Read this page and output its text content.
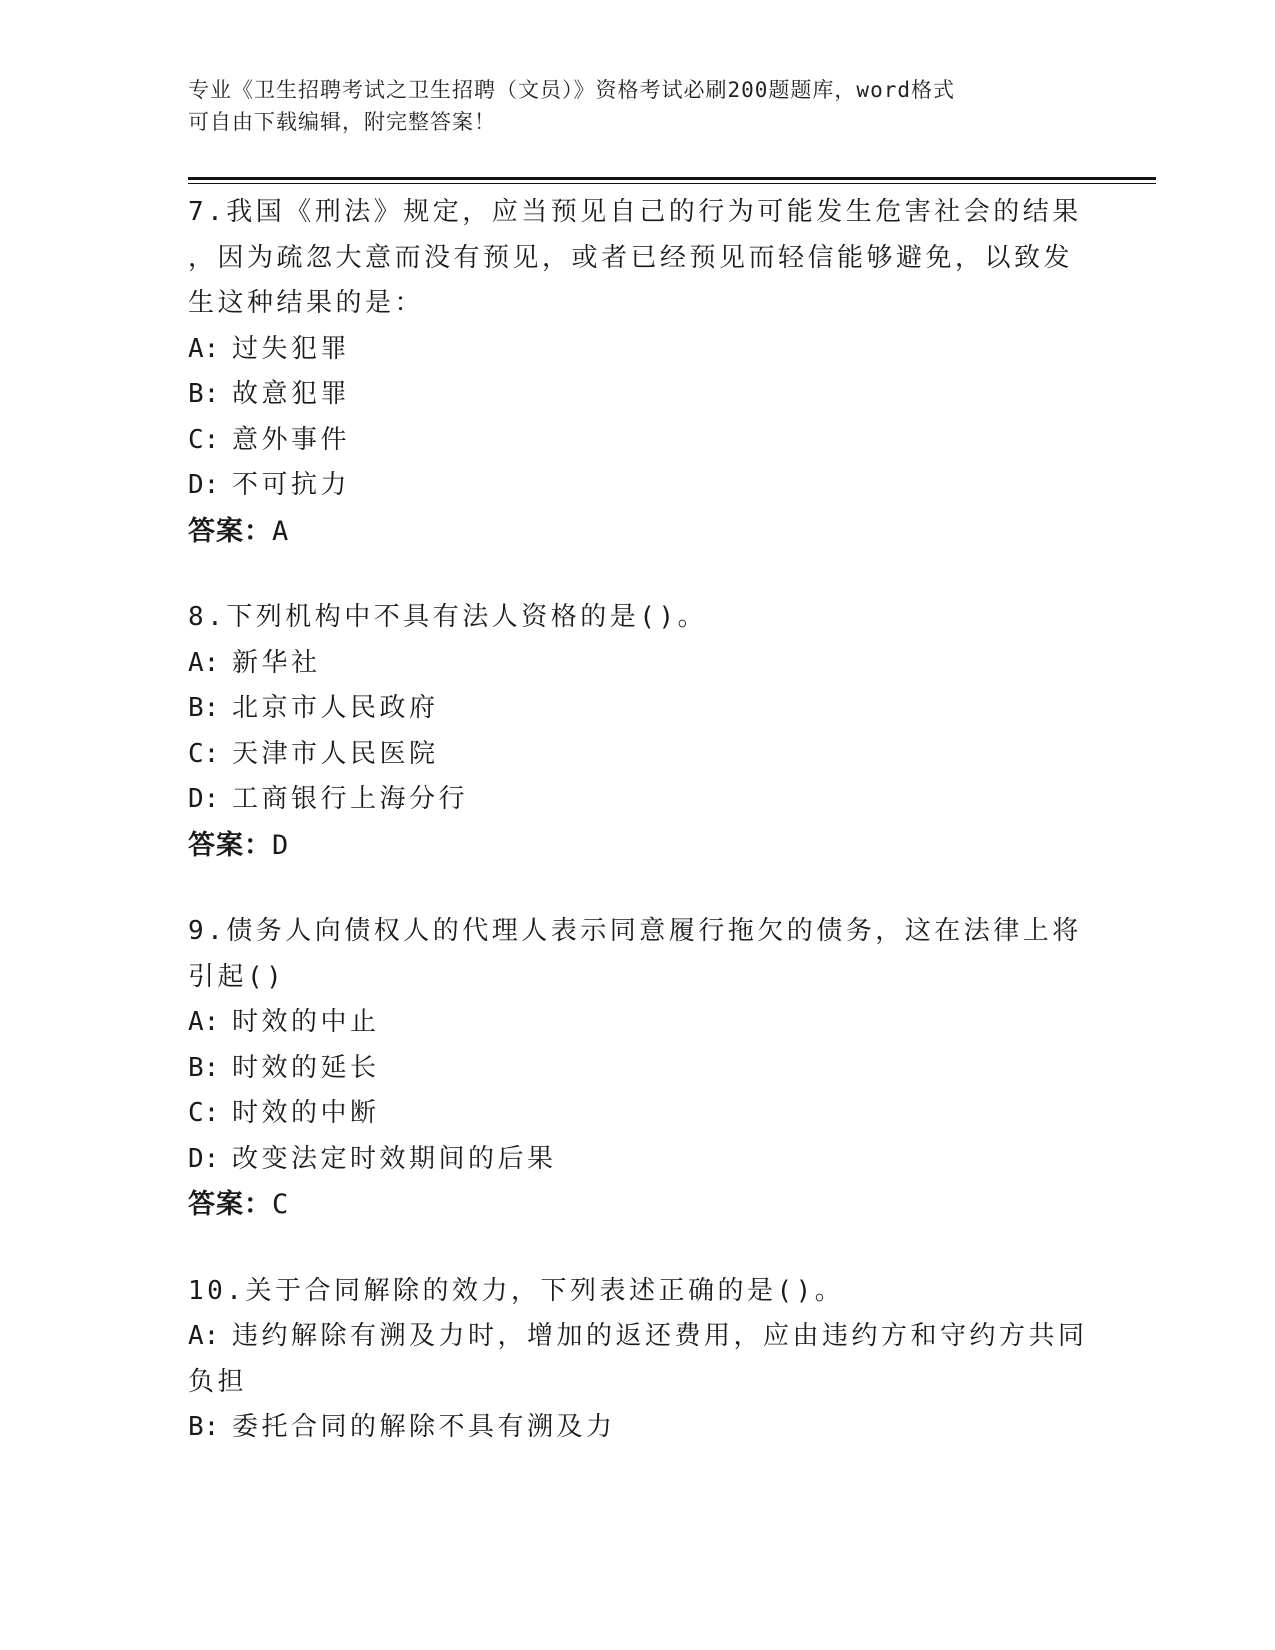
专业《卫生招聘考试之卫生招聘（文员）》资格考试必刷200题题库，word格式
可自由下载编辑，附完整答案！
7.我国《刑法》规定，应当预见自己的行为可能发生危害社会的结果
，因为疏忽大意而没有预见，或者已经预见而轻信能够避免，以致发
生这种结果的是：
A: 过失犯罪
B: 故意犯罪
C: 意外事件
D: 不可抗力
答案：A
8.下列机构中不具有法人资格的是()。
A: 新华社
B: 北京市人民政府
C: 天津市人民医院
D: 工商银行上海分行
答案：D
9.债务人向债权人的代理人表示同意履行拖欠的债务，这在法律上将
引起()
A: 时效的中止
B: 时效的延长
C: 时效的中断
D: 改变法定时效期间的后果
答案：C
10.关于合同解除的效力，下列表述正确的是()。
A: 违约解除有溯及力时，增加的返还费用，应由违约方和守约方共同
负担
B: 委托合同的解除不具有溯及力
